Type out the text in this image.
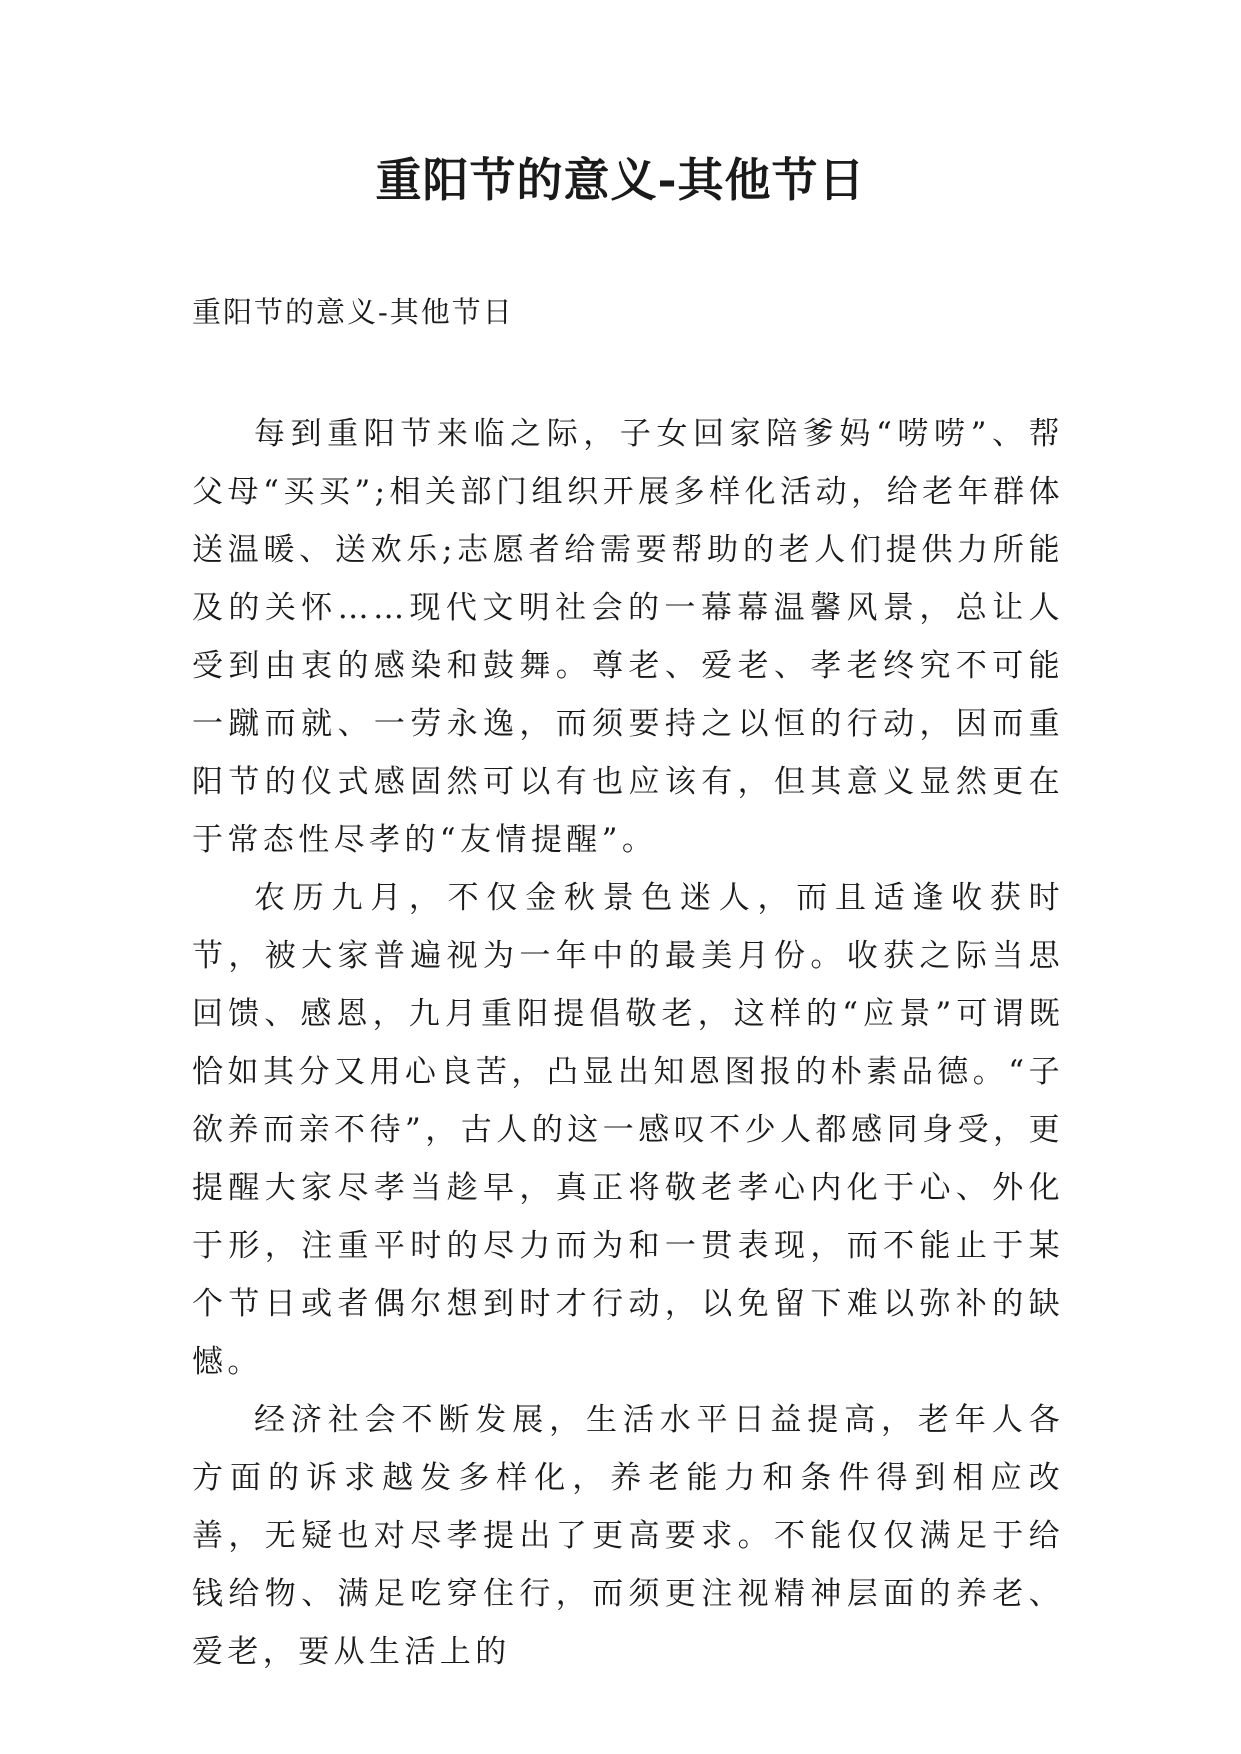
重阳节的意义-其他节日

重阳节的意义-其他节日

每到重阳节来临之际，子女回家陪爹妈“唠唠”、帮父母“买买”;相关部门组织开展多样化活动，给老年群体送温暖、送欢乐;志愿者给需要帮助的老人们提供力所能及的关怀……现代文明社会的一幕幕温馨风景，总让人受到由衷的感染和鼓舞。尊老、爱老、孝老终究不可能一蹴而就、一劳永逸，而须要持之以恒的行动，因而重阳节的仪式感固然可以有也应该有，但其意义显然更在于常态性尽孝的“友情提醒”。

农历九月，不仅金秋景色迷人，而且适逢收获时节，被大家普遍视为一年中的最美月份。收获之际当思回馈、感恩，九月重阳提倡敬老，这样的“应景”可谓既恰如其分又用心良苦，凸显出知恩图报的朴素品德。“子欲养而亲不待”，古人的这一感叹不少人都感同身受，更提醒大家尽孝当趁早，真正将敬老孝心内化于心、外化于形，注重平时的尽力而为和一贯表现，而不能止于某个节日或者偶尔想到时才行动，以免留下难以弥补的缺憾。

经济社会不断发展，生活水平日益提高，老年人各方面的诉求越发多样化，养老能力和条件得到相应改善，无疑也对尽孝提出了更高要求。不能仅仅满足于给钱给物、满足吃穿住行，而须更注视精神层面的养老、爱老，要从生活上的
